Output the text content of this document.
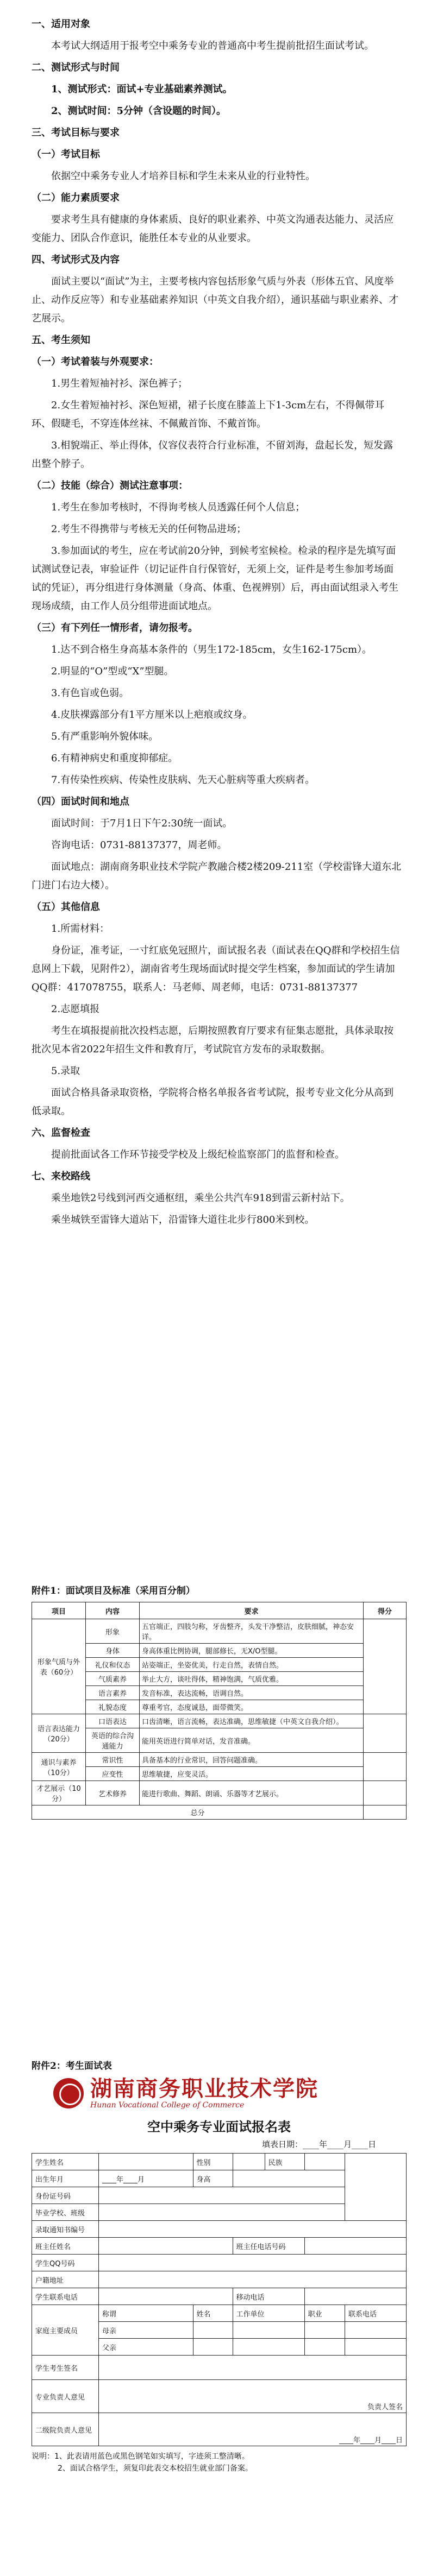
一、适用对象

本考试大纲适用于报考空中乘务专业的普通高中考生提前批招生面试考试。

二、测试形式与时间

1、测试形式：面试+专业基础素养测试。

2、测试时间：5分钟（含设题的时间）。

三、考试目标与要求

（一）考试目标

依据空中乘务专业人才培养目标和学生未来从业的行业特性。

（二）能力素质要求

要求考生具有健康的身体素质、良好的职业素养、中英文沟通表达能力、灵活应变能力、团队合作意识，能胜任本专业的从业要求。

四、考试形式及内容

面试主要以“面试”为主，主要考核内容包括形象气质与外表（形体五官、风度举止、动作反应等）和专业基础素养知识（中英文自我介绍），通识基础与职业素养、才艺展示。

五、考生须知

（一）考试着装与外观要求：

1.男生着短袖衬衫、深色裤子；

2.女生着短袖衬衫、深色短裙，裙子长度在膝盖上下1-3cm左右，不得佩带耳环、假睫毛，不穿连体丝袜、不佩戴首饰、不戴首饰。

3.相貌端正、举止得体，仪容仪表符合行业标准，不留刘海，盘起长发，短发露出整个脖子。

（二）技能（综合）测试注意事项：

1.考生在参加考核时，不得询考核人员透露任何个人信息；

2.考生不得携带与考核无关的任何物品进场；

3.参加面试的考生，应在考试前20分钟，到候考室候检。检录的程序是先填写面试测试登记表，审验证件（切记证件自行保管好，无须上交，证件是考生参加考场面试的凭证），再分组进行身体测量（身高、体重、色视辨别）后，再由面试组录入考生现场成绩，由工作人员分组带进面试地点。

（三）有下列任一情形者，请勿报考。

1.达不到合格生身高基本条件的（男生172-185cm，女生162-175cm）。

2.明显的“O”型或“X”型腿。

3.有色盲或色弱。

4.皮肤裸露部分有1平方厘米以上疤痕或纹身。

5.有严重影响外貌体味。

6.有精神病史和重度抑郁症。

7.有传染性疾病、传染性皮肤病、先天心脏病等重大疾病者。

（四）面试时间和地点

面试时间：于7月1日下午2:30统一面试。

咨询电话：0731-88137377，周老师。

面试地点：湖南商务职业技术学院产教融合楼2楼209-211室（学校雷锋大道东北门进门右边大楼）。

（五）其他信息

1.所需材料：

身份证，准考证，一寸红底免冠照片，面试报名表（面试表在QQ群和学校招生信息网上下载，见附件2），湖南省考生现场面试时提交学生档案，参加面试的学生请加QQ群：417078755，联系人：马老师、周老师，电话：0731-88137377

2.志愿填报

考生在填报提前批次投档志愿，后期按照教育厅要求有征集志愿批，具体录取按批次见本省2022年招生文件和教育厅，考试院官方发布的录取数据。

5.录取

面试合格具备录取资格，学院将合格名单报各省考试院，报考专业文化分从高到低录取。

六、监督检查

提前批面试各工作环节接受学校及上级纪检监察部门的监督和检查。

七、来校路线

乘坐地铁2号线到河西交通枢纽，乘坐公共汽车918到雷云新村站下。

乘坐城铁至雷锋大道站下，沿雷锋大道往北步行800米到校。

附件1：面试项目及标准（采用百分制）
项目	内容	要求	得分
形象气质与外表（60分）	形象	五官端正，四肢匀称，牙齿整齐，头发干净整洁，皮肤细腻，神态安详。	
	身体	身高体重比例协调，腿部修长，无X/O型腿。	
	礼仪和仪态	站姿端正，坐姿优美，行走自然，表情自然。	
	气质素养	举止大方，谈吐得体，精神饱满，气质优雅。	
	语言素养	发音标准，表达流畅，语调自然。	
	礼貌态度	尊重考官，态度诚恳，面带微笑。	
语言表达能力（20分）	口语表达	口齿清晰，语言流畅，表达准确，思维敏捷（中英文自我介绍）。	
	英语的综合沟通能力	能用英语进行简单对话，发音准确。	
通识与素养（10分）	常识性	具备基本的行业常识，回答问题准确。	
	应变性	思维敏捷，应变灵活。	
才艺展示（10分）	艺术修养	能进行歌曲、舞蹈、朗诵、乐器等才艺展示。	
总分			
附件2：考生面试表
湖南商务职业技术学院
Hunan Vocational College of Commerce
空中乘务专业面试报名表
填表日期：____年____月____日
学生姓名		性别		民族		
出生年月	____年____月	身高				
身份证号码						
毕业学校、班级						
录取通知书编号						
班主任姓名			班主任电话号码			
学生QQ号码						
户籍地址						
学生联系电话			移动电话			
家庭主要成员	称谓	姓名	工作单位		职业	联系电话
	母亲					
	父亲					
学生考生签名						
专业负责人意见	负责人签名					
二级院负责人意见	____年____月____日					
说明：1、此表请用蓝色或黑色钢笔如实填写，字迹须工整清晰。
2、面试合格学生，须复印此表交本校招生就业部门备案。
